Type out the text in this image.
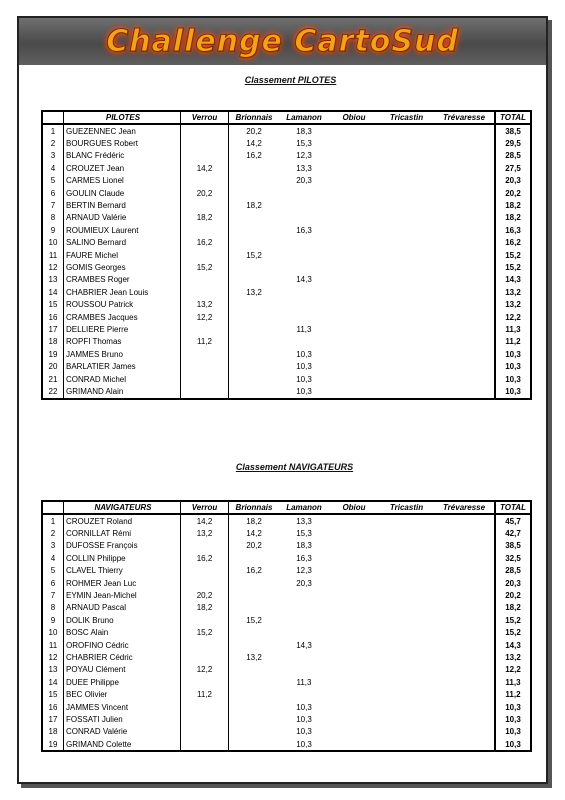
Challenge CartoSud
Classement PILOTES
	PILOTES	Verrou	Brionnais	Lamanon	Obiou	Tricastin	Trévaresse	TOTAL
1	GUEZENNEC Jean		20,2	18,3				38,5
2	BOURGUES Robert		14,2	15,3				29,5
3	BLANC Frédéric		16,2	12,3				28,5
4	CROUZET Jean	14,2		13,3				27,5
5	CARMES Lionel			20,3				20,3
6	GOULIN Claude	20,2						20,2
7	BERTIN Bernard		18,2					18,2
8	ARNAUD Valérie	18,2						18,2
9	ROUMIEUX Laurent			16,3				16,3
10	SALINO Bernard	16,2						16,2
11	FAURE Michel		15,2					15,2
12	GOMIS Georges	15,2						15,2
13	CRAMBES Roger			14,3				14,3
14	CHABRIER Jean Louis		13,2					13,2
15	ROUSSOU Patrick	13,2						13,2
16	CRAMBES Jacques	12,2						12,2
17	DELLIERE Pierre			11,3				11,3
18	ROPFI Thomas	11,2						11,2
19	JAMMES Bruno			10,3				10,3
20	BARLATIER James			10,3				10,3
21	CONRAD Michel			10,3				10,3
22	GRIMAND Alain			10,3				10,3
Classement NAVIGATEURS
	NAVIGATEURS	Verrou	Brionnais	Lamanon	Obiou	Tricastin	Trévaresse	TOTAL
1	CROUZET Roland	14,2	18,2	13,3				45,7
2	CORNILLAT Rémi	13,2	14,2	15,3				42,7
3	DUFOSSE François		20,2	18,3				38,5
4	COLLIN Philippe	16,2		16,3				32,5
5	CLAVEL Thierry		16,2	12,3				28,5
6	ROHMER Jean Luc			20,3				20,3
7	EYMIN Jean-Michel	20,2						20,2
8	ARNAUD Pascal	18,2						18,2
9	DOLIK Bruno		15,2					15,2
10	BOSC Alain	15,2						15,2
11	OROFINO Cédric			14,3				14,3
12	CHABRIER Cédric		13,2					13,2
13	POYAU Clément	12,2						12,2
14	DUEE Philippe			11,3				11,3
15	BEC Olivier	11,2						11,2
16	JAMMES Vincent			10,3				10,3
17	FOSSATI Julien			10,3				10,3
18	CONRAD Valérie			10,3				10,3
19	GRIMAND Colette			10,3				10,3
